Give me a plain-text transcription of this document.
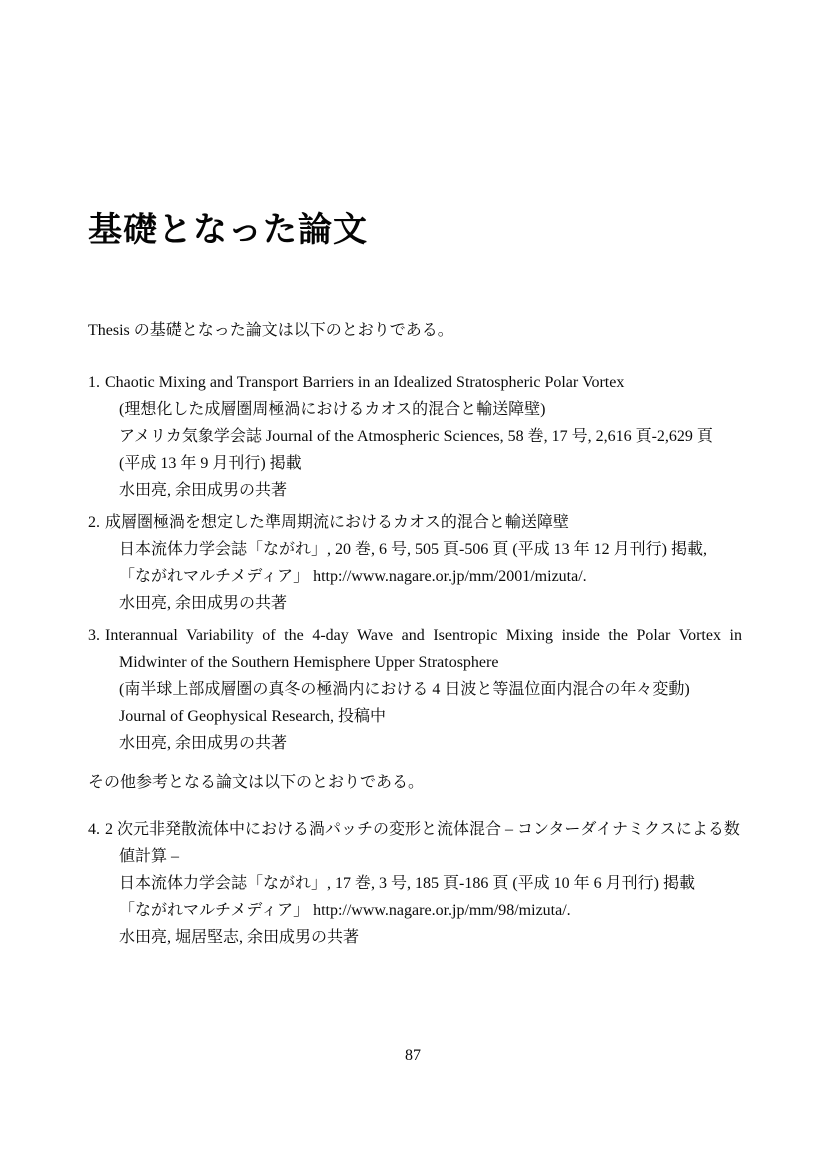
基礎となった論文

Thesis の基礎となった論文は以下のとおりである。

1. Chaotic Mixing and Transport Barriers in an Idealized Stratospheric Polar Vortex
(理想化した成層圏周極渦におけるカオス的混合と輸送障壁)
アメリカ気象学会誌 Journal of the Atmospheric Sciences, 58 巻, 17 号, 2,616 頁-2,629 頁
(平成 13 年 9 月刊行) 掲載
水田亮, 余田成男の共著
2. 成層圏極渦を想定した準周期流におけるカオス的混合と輸送障壁
日本流体力学会誌「ながれ」, 20 巻, 6 号, 505 頁-506 頁 (平成 13 年 12 月刊行) 掲載,
「ながれマルチメディア」 http://www.nagare.or.jp/mm/2001/mizuta/.
水田亮, 余田成男の共著
3. Interannual Variability of the 4-day Wave and Isentropic Mixing inside the Polar Vortex in Midwinter of the Southern Hemisphere Upper Stratosphere
(南半球上部成層圏の真冬の極渦内における 4 日波と等温位面内混合の年々変動)
Journal of Geophysical Research, 投稿中
水田亮, 余田成男の共著

その他参考となる論文は以下のとおりである。

4. 2 次元非発散流体中における渦パッチの変形と流体混合 – コンターダイナミクスによる数値計算 –
日本流体力学会誌「ながれ」, 17 巻, 3 号, 185 頁-186 頁 (平成 10 年 6 月刊行) 掲載
「ながれマルチメディア」 http://www.nagare.or.jp/mm/98/mizuta/.
水田亮, 堀居堅志, 余田成男の共著
87
